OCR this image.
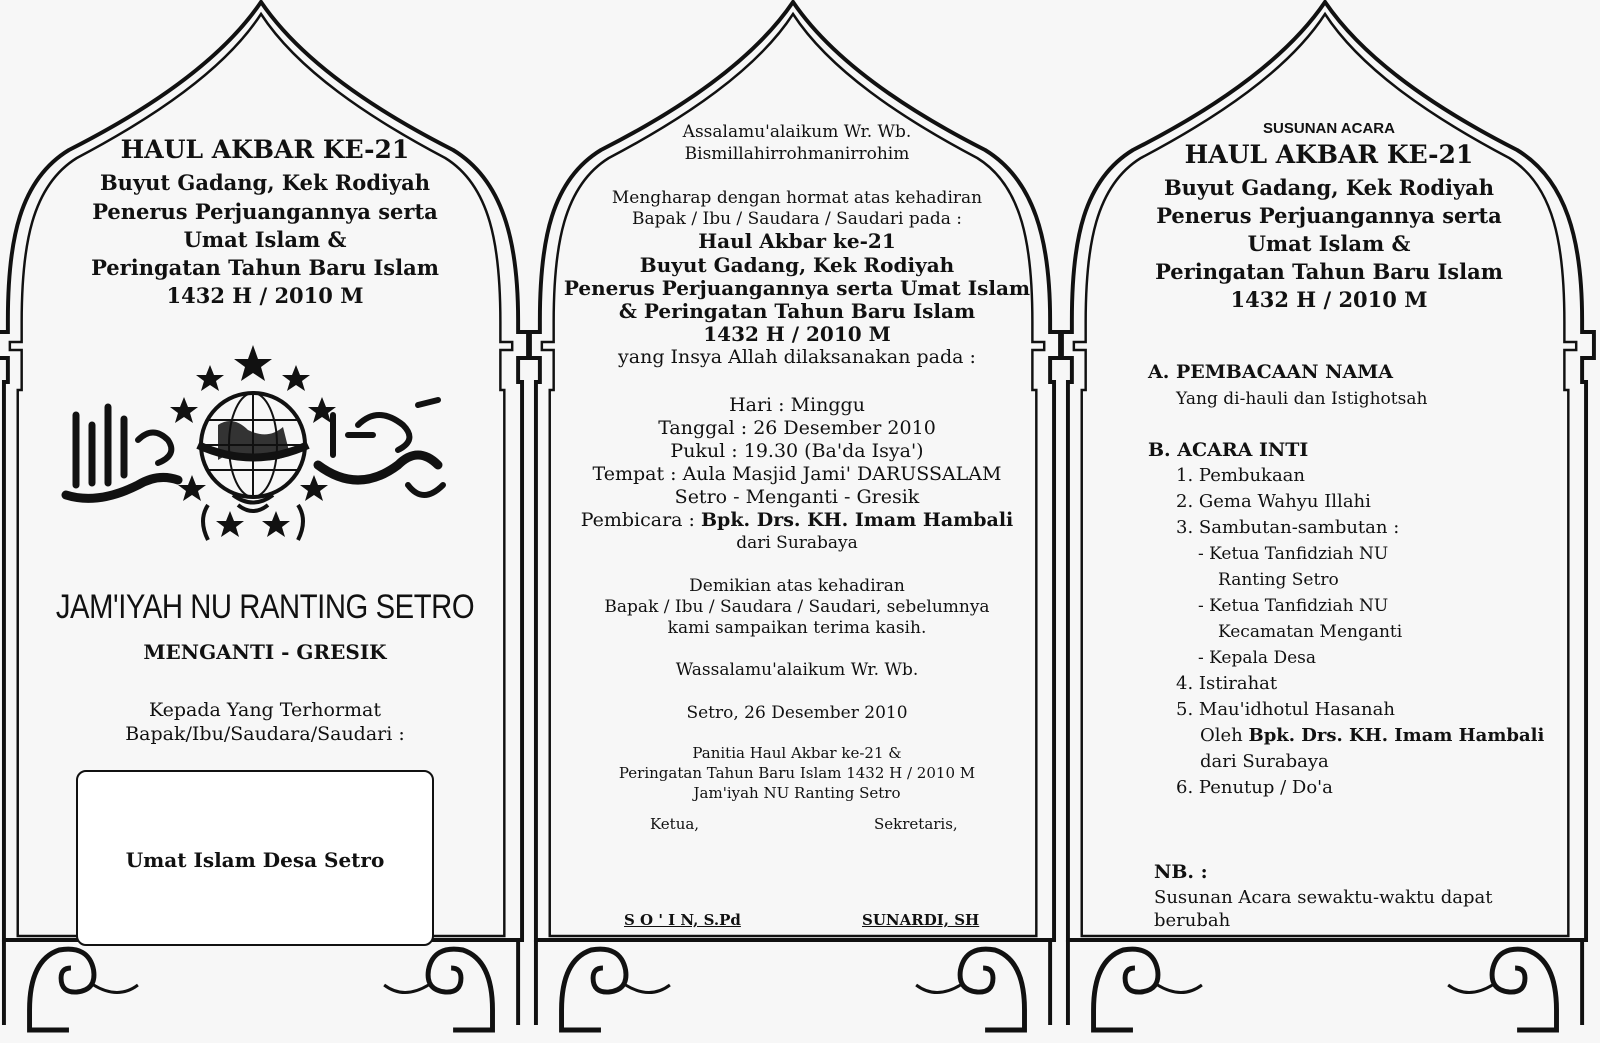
HAUL AKBAR KE-21
Buyut Gadang, Kek Rodiyah
Penerus Perjuangannya serta
Umat Islam &
Peringatan Tahun Baru Islam
1432 H / 2010 M
JAM'IYAH NU RANTING SETRO
MENGANTI - GRESIK
Kepada Yang Terhormat
Bapak/Ibu/Saudara/Saudari :
Umat Islam Desa Setro
Assalamu'alaikum Wr. Wb.
Bismillahirrohmanirrohim
Mengharap dengan hormat atas kehadiran
Bapak / Ibu / Saudara / Saudari pada :
Haul Akbar ke-21
Buyut Gadang, Kek Rodiyah
Penerus Perjuangannya serta Umat Islam
& Peringatan Tahun Baru Islam
1432 H / 2010 M
yang Insya Allah dilaksanakan pada :
Hari : Minggu
Tanggal : 26 Desember 2010
Pukul : 19.30 (Ba'da Isya')
Tempat : Aula Masjid Jami' DARUSSALAM
Setro - Menganti - Gresik
Pembicara : Bpk. Drs. KH. Imam Hambali
dari Surabaya
Demikian atas kehadiran
Bapak / Ibu / Saudara / Saudari, sebelumnya
kami sampaikan terima kasih.
Wassalamu'alaikum Wr. Wb.
Setro, 26 Desember 2010
Panitia Haul Akbar ke-21 &
Peringatan Tahun Baru Islam 1432 H / 2010 M
Jam'iyah NU Ranting Setro
Ketua,	Sekretaris,
S O ' I N, S.Pd	SUNARDI, SH
SUSUNAN ACARA
HAUL AKBAR KE-21
Buyut Gadang, Kek Rodiyah
Penerus Perjuangannya serta
Umat Islam &
Peringatan Tahun Baru Islam
1432 H / 2010 M
A. PEMBACAAN NAMA
Yang di-hauli dan Istighotsah
B. ACARA INTI
1. Pembukaan
2. Gema Wahyu Illahi
3. Sambutan-sambutan :
- Ketua Tanfidziah NU
Ranting Setro
- Ketua Tanfidziah NU
Kecamatan Menganti
- Kepala Desa
4. Istirahat
5. Mau'idhotul Hasanah
Oleh Bpk. Drs. KH. Imam Hambali
dari Surabaya
6. Penutup / Do'a
NB. :
Susunan Acara sewaktu-waktu dapat
berubah
